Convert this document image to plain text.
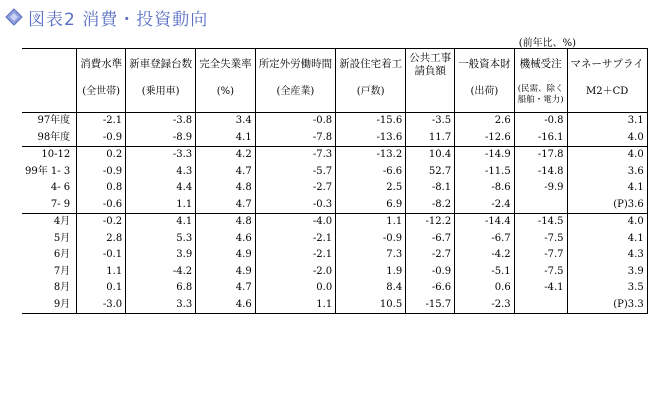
図表2 消費・投資動向
(前年比、%)
	消費水準	新車登録台数	完全失業率	所定外労働時間	新設住宅着工	公共工事
請負額	一般資本財	機械受注	マネーサプライ
	(全世帯)	(乗用車)	(%)	(全産業)	(戸数)		(出荷)	(民需、除く
船舶・電力)	M2＋CD
97年度	-2.1	-3.8	3.4	-0.8	-15.6	-3.5	2.6	-0.8	3.1
98年度	-0.9	-8.9	4.1	-7.8	-13.6	11.7	-12.6	-16.1	4.0
10-12	0.2	-3.3	4.2	-7.3	-13.2	10.4	-14.9	-17.8	4.0
99年 1- 3	-0.9	4.3	4.7	-5.7	-6.6	52.7	-11.5	-14.8	3.6
4- 6	0.8	4.4	4.8	-2.7	2.5	-8.1	-8.6	-9.9	4.1
7- 9	-0.6	1.1	4.7	-0.3	6.9	-8.2	-2.4		(P)3.6
4月	-0.2	4.1	4.8	-4.0	1.1	-12.2	-14.4	-14.5	4.0
5月	2.8	5.3	4.6	-2.1	-0.9	-6.7	-6.7	-7.5	4.1
6月	-0.1	3.9	4.9	-2.1	7.3	-2.7	-4.2	-7.7	4.3
7月	1.1	-4.2	4.9	-2.0	1.9	-0.9	-5.1	-7.5	3.9
8月	0.1	6.8	4.7	0.0	8.4	-6.6	0.6	-4.1	3.5
9月	-3.0	3.3	4.6	1.1	10.5	-15.7	-2.3		(P)3.3
